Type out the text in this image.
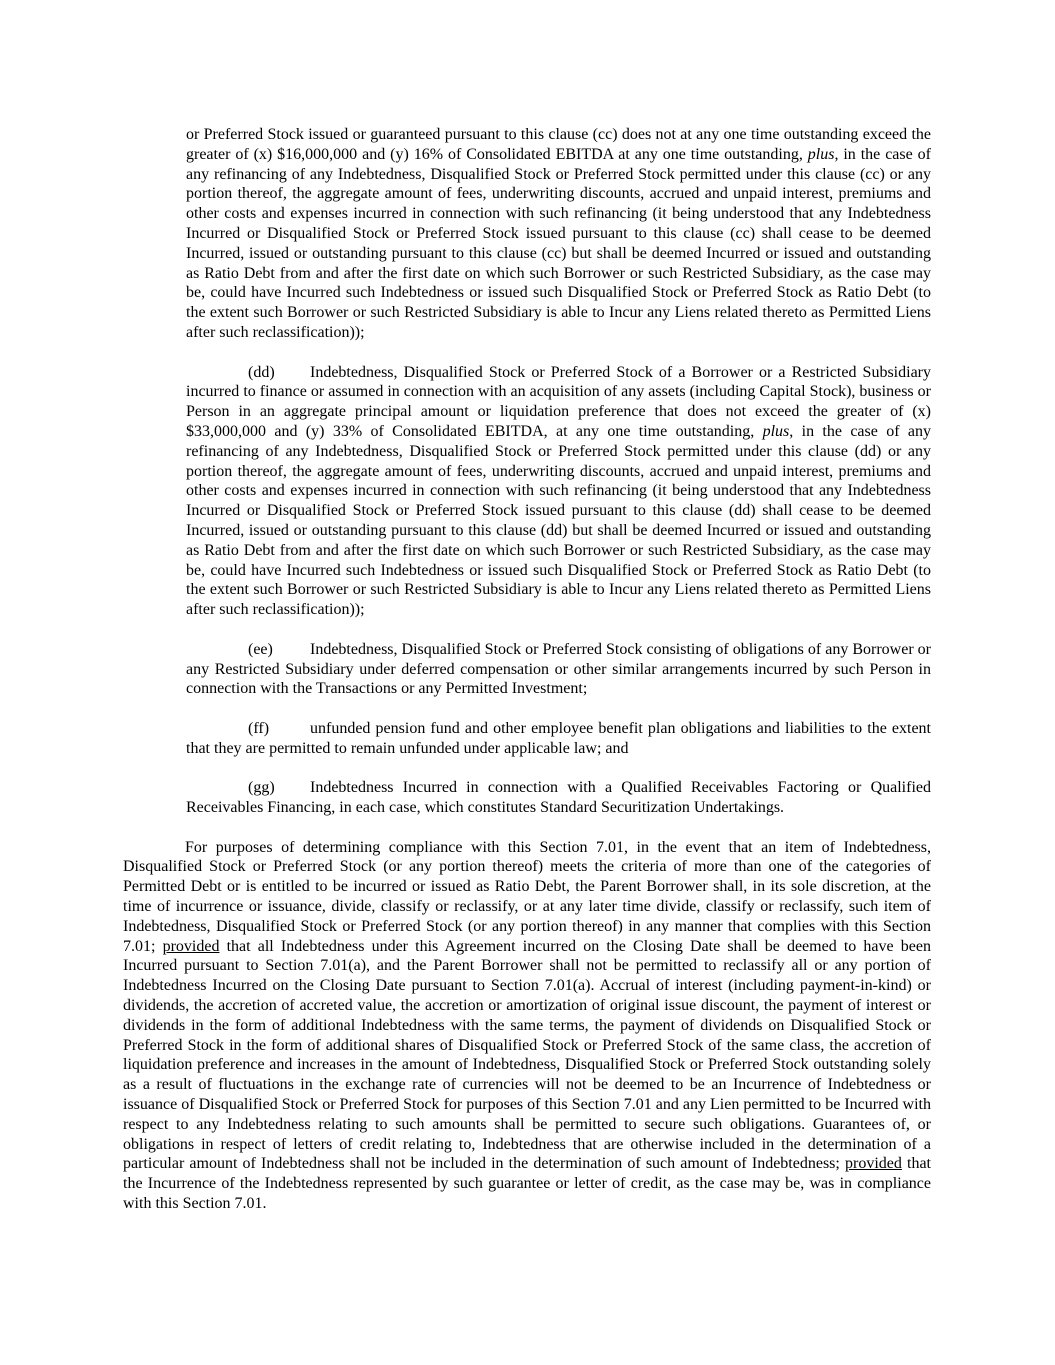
or Preferred Stock issued or guaranteed pursuant to this clause (cc) does not at any one time outstanding exceed the greater of (x) $16,000,000 and (y) 16% of Consolidated EBITDA at any one time outstanding, plus, in the case of any refinancing of any Indebtedness, Disqualified Stock or Preferred Stock permitted under this clause (cc) or any portion thereof, the aggregate amount of fees, underwriting discounts, accrued and unpaid interest, premiums and other costs and expenses incurred in connection with such refinancing (it being understood that any Indebtedness Incurred or Disqualified Stock or Preferred Stock issued pursuant to this clause (cc) shall cease to be deemed Incurred, issued or outstanding pursuant to this clause (cc) but shall be deemed Incurred or issued and outstanding as Ratio Debt from and after the first date on which such Borrower or such Restricted Subsidiary, as the case may be, could have Incurred such Indebtedness or issued such Disqualified Stock or Preferred Stock as Ratio Debt (to the extent such Borrower or such Restricted Subsidiary is able to Incur any Liens related thereto as Permitted Liens after such reclassification));

(dd) Indebtedness, Disqualified Stock or Preferred Stock of a Borrower or a Restricted Subsidiary incurred to finance or assumed in connection with an acquisition of any assets (including Capital Stock), business or Person in an aggregate principal amount or liquidation preference that does not exceed the greater of (x) $33,000,000 and (y) 33% of Consolidated EBITDA, at any one time outstanding, plus, in the case of any refinancing of any Indebtedness, Disqualified Stock or Preferred Stock permitted under this clause (dd) or any portion thereof, the aggregate amount of fees, underwriting discounts, accrued and unpaid interest, premiums and other costs and expenses incurred in connection with such refinancing (it being understood that any Indebtedness Incurred or Disqualified Stock or Preferred Stock issued pursuant to this clause (dd) shall cease to be deemed Incurred, issued or outstanding pursuant to this clause (dd) but shall be deemed Incurred or issued and outstanding as Ratio Debt from and after the first date on which such Borrower or such Restricted Subsidiary, as the case may be, could have Incurred such Indebtedness or issued such Disqualified Stock or Preferred Stock as Ratio Debt (to the extent such Borrower or such Restricted Subsidiary is able to Incur any Liens related thereto as Permitted Liens after such reclassification));

(ee) Indebtedness, Disqualified Stock or Preferred Stock consisting of obligations of any Borrower or any Restricted Subsidiary under deferred compensation or other similar arrangements incurred by such Person in connection with the Transactions or any Permitted Investment;

(ff)	unfunded pension fund and other employee benefit plan obligations and liabilities to the extent that they are permitted to remain unfunded under applicable law; and

(gg) Indebtedness Incurred in connection with a Qualified Receivables Factoring or Qualified Receivables Financing, in each case, which constitutes Standard Securitization Undertakings.

For purposes of determining compliance with this Section 7.01, in the event that an item of Indebtedness, Disqualified Stock or Preferred Stock (or any portion thereof) meets the criteria of more than one of the categories of Permitted Debt or is entitled to be incurred or issued as Ratio Debt, the Parent Borrower shall, in its sole discretion, at the time of incurrence or issuance, divide, classify or reclassify, or at any later time divide, classify or reclassify, such item of Indebtedness, Disqualified Stock or Preferred Stock (or any portion thereof) in any manner that complies with this Section 7.01; provided that all Indebtedness under this Agreement incurred on the Closing Date shall be deemed to have been Incurred pursuant to Section 7.01(a), and the Parent Borrower shall not be permitted to reclassify all or any portion of Indebtedness Incurred on the Closing Date pursuant to Section 7.01(a). Accrual of interest (including payment-in-kind) or dividends, the accretion of accreted value, the accretion or amortization of original issue discount, the payment of interest or dividends in the form of additional Indebtedness with the same terms, the payment of dividends on Disqualified Stock or Preferred Stock in the form of additional shares of Disqualified Stock or Preferred Stock of the same class, the accretion of liquidation preference and increases in the amount of Indebtedness, Disqualified Stock or Preferred Stock outstanding solely as a result of fluctuations in the exchange rate of currencies will not be deemed to be an Incurrence of Indebtedness or issuance of Disqualified Stock or Preferred Stock for purposes of this Section 7.01 and any Lien permitted to be Incurred with respect to any Indebtedness relating to such amounts shall be permitted to secure such obligations. Guarantees of, or obligations in respect of letters of credit relating to, Indebtedness that are otherwise included in the determination of a particular amount of Indebtedness shall not be included in the determination of such amount of Indebtedness; provided that the Incurrence of the Indebtedness represented by such guarantee or letter of credit, as the case may be, was in compliance with this Section 7.01.
